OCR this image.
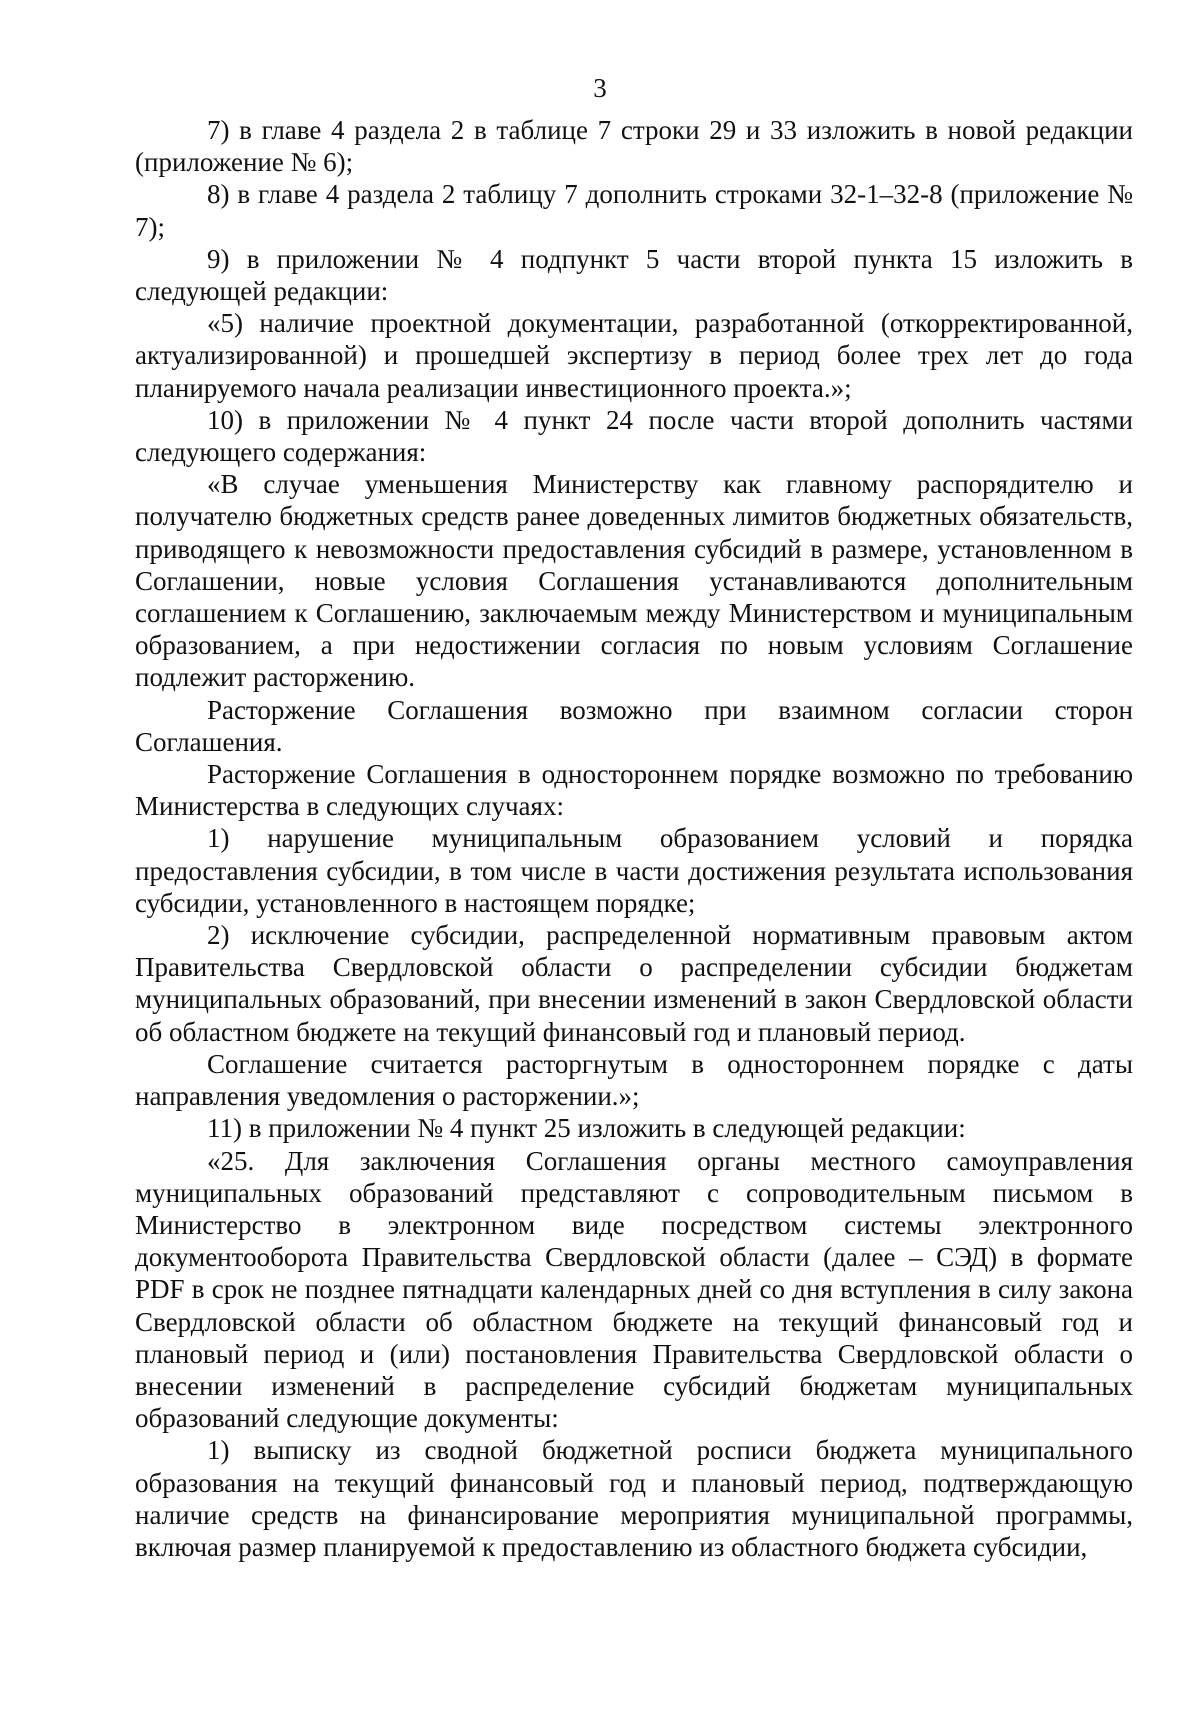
3

7) в главе 4 раздела 2 в таблице 7 строки 29 и 33 изложить в новой редакции (приложение № 6);

8) в главе 4 раздела 2 таблицу 7 дополнить строками 32-1–32-8 (приложение № 7);

9) в приложении № 4 подпункт 5 части второй пункта 15 изложить в следующей редакции:

«5) наличие проектной документации, разработанной (откорректированной, актуализированной) и прошедшей экспертизу в период более трех лет до года планируемого начала реализации инвестиционного проекта.»;

10) в приложении № 4 пункт 24 после части второй дополнить частями следующего содержания:

«В случае уменьшения Министерству как главному распорядителю и получателю бюджетных средств ранее доведенных лимитов бюджетных обязательств, приводящего к невозможности предоставления субсидий в размере, установленном в Соглашении, новые условия Соглашения устанавливаются дополнительным соглашением к Соглашению, заключаемым между Министерством и муниципальным образованием, а при недостижении согласия по новым условиям Соглашение подлежит расторжению.

Расторжение Соглашения возможно при взаимном согласии сторон Соглашения.

Расторжение Соглашения в одностороннем порядке возможно по требованию Министерства в следующих случаях:

1) нарушение муниципальным образованием условий и порядка предоставления субсидии, в том числе в части достижения результата использования субсидии, установленного в настоящем порядке;

2) исключение субсидии, распределенной нормативным правовым актом Правительства Свердловской области о распределении субсидии бюджетам муниципальных образований, при внесении изменений в закон Свердловской области об областном бюджете на текущий финансовый год и плановый период.

Соглашение считается расторгнутым в одностороннем порядке с даты направления уведомления о расторжении.»;

11) в приложении № 4 пункт 25 изложить в следующей редакции:

«25. Для заключения Соглашения органы местного самоуправления муниципальных образований представляют с сопроводительным письмом в Министерство в электронном виде посредством системы электронного документооборота Правительства Свердловской области (далее – СЭД) в формате PDF в срок не позднее пятнадцати календарных дней со дня вступления в силу закона Свердловской области об областном бюджете на текущий финансовый год и плановый период и (или) постановления Правительства Свердловской области о внесении изменений в распределение субсидий бюджетам муниципальных образований следующие документы:

1) выписку из сводной бюджетной росписи бюджета муниципального образования на текущий финансовый год и плановый период, подтверждающую наличие средств на финансирование мероприятия муниципальной программы, включая размер планируемой к предоставлению из областного бюджета субсидии,
